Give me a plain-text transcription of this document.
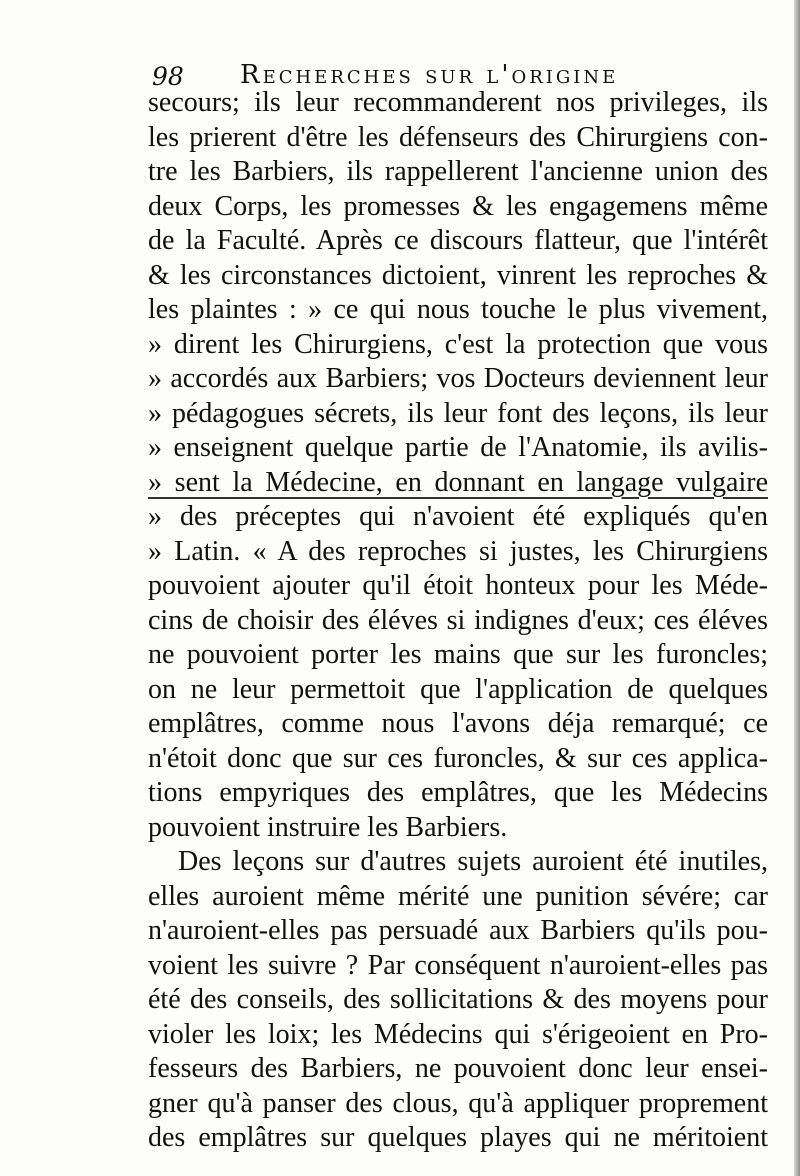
98 Recherches sur l'origine
secours; ils leur recommanderent nos privileges, ils
les prierent d'être les défenseurs des Chirurgiens con-
tre les Barbiers, ils rappellerent l'ancienne union des
deux Corps, les promesses & les engagemens même
de la Faculté. Après ce discours flatteur, que l'intérêt
& les circonstances dictoient, vinrent les reproches &
les plaintes : » ce qui nous touche le plus vivement,
» dirent les Chirurgiens, c'est la protection que vous
» accordés aux Barbiers; vos Docteurs deviennent leur
» pédagogues sécrets, ils leur font des leçons, ils leur
» enseignent quelque partie de l'Anatomie, ils avilis-
» sent la Médecine, en donnant en langage vulgaire
» des préceptes qui n'avoient été expliqués qu'en
» Latin. « A des reproches si justes, les Chirurgiens
pouvoient ajouter qu'il étoit honteux pour les Méde-
cins de choisir des éléves si indignes d'eux; ces éléves
ne pouvoient porter les mains que sur les furoncles;
on ne leur permettoit que l'application de quelques
emplâtres, comme nous l'avons déja remarqué; ce
n'étoit donc que sur ces furoncles, & sur ces applica-
tions empyriques des emplâtres, que les Médecins
pouvoient instruire les Barbiers.
Des leçons sur d'autres sujets auroient été inutiles,
elles auroient même mérité une punition sévére; car
n'auroient-elles pas persuadé aux Barbiers qu'ils pou-
voient les suivre ? Par conséquent n'auroient-elles pas
été des conseils, des sollicitations & des moyens pour
violer les loix; les Médecins qui s'érigeoient en Pro-
fesseurs des Barbiers, ne pouvoient donc leur ensei-
gner qu'à panser des clous, qu'à appliquer proprement
des emplâtres sur quelques playes qui ne méritoient
